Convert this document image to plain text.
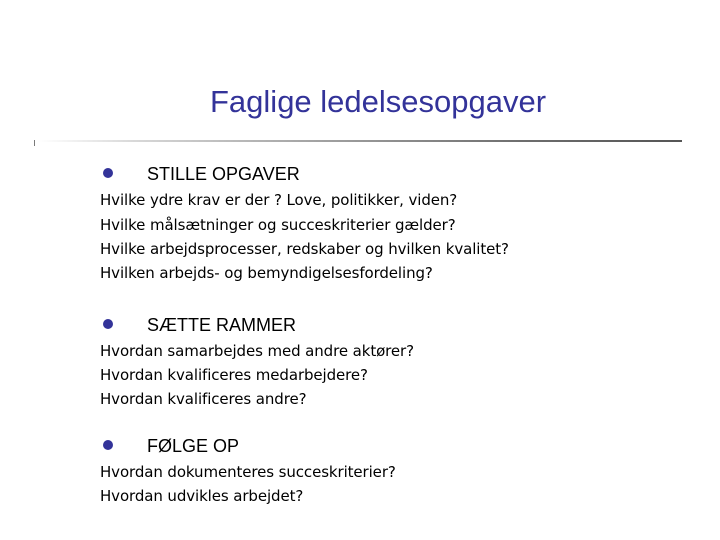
Faglige ledelsesopgaver
STILLE OPGAVER
Hvilke ydre krav er der ? Love, politikker, viden?
Hvilke målsætninger og succeskriterier gælder?
Hvilke arbejdsprocesser, redskaber og hvilken kvalitet?
Hvilken arbejds- og bemyndigelsesfordeling?
SÆTTE RAMMER
Hvordan samarbejdes med andre aktører?
Hvordan kvalificeres medarbejdere?
Hvordan kvalificeres andre?
FØLGE OP
Hvordan dokumenteres succeskriterier?
Hvordan udvikles arbejdet?
